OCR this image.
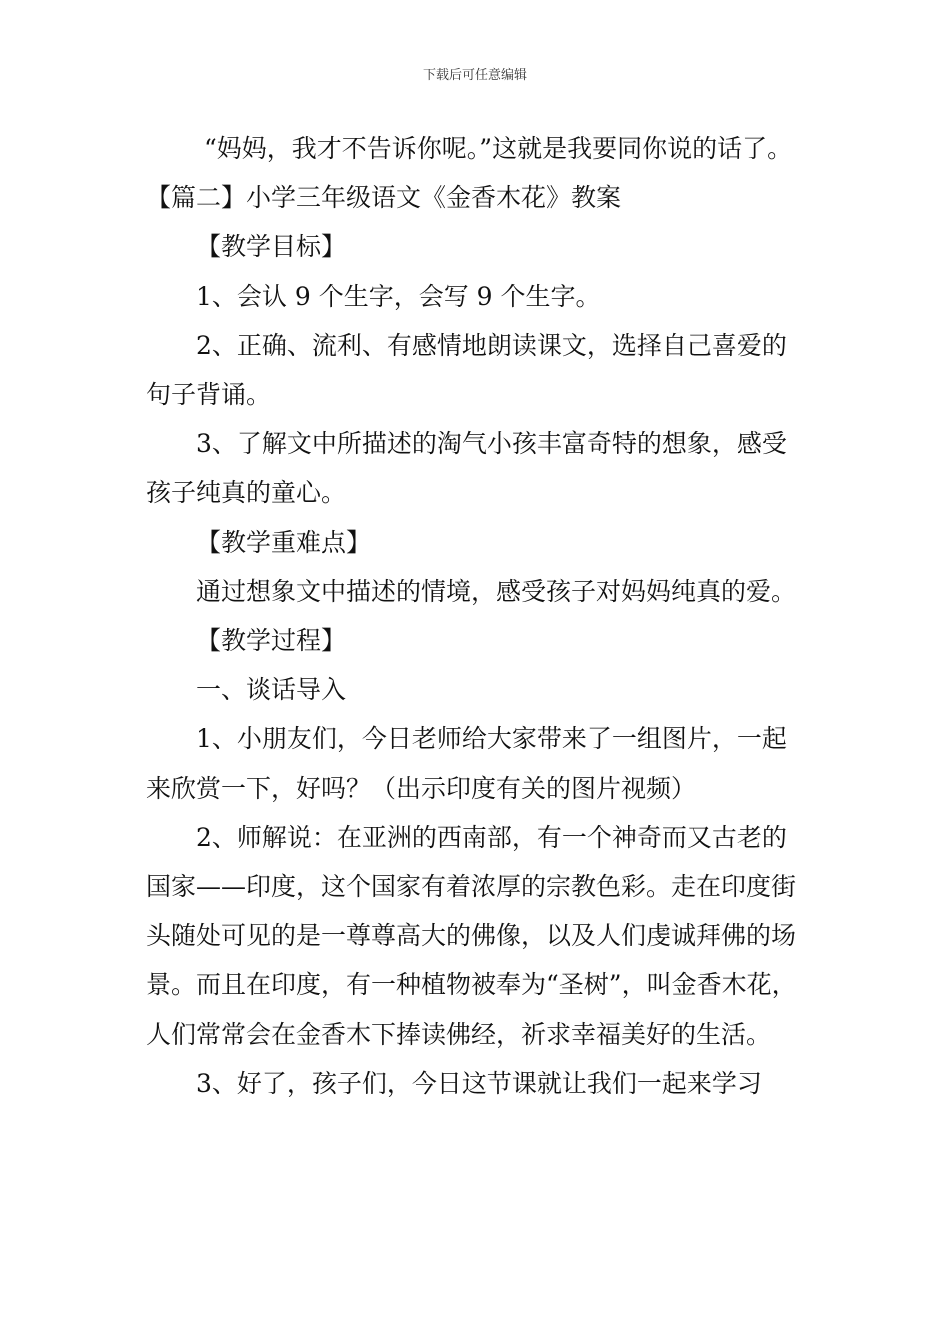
下载后可任意编辑

“妈妈，我才不告诉你呢。”这就是我要同你说的话了。

【篇二】小学三年级语文《金香木花》教案

【教学目标】

1、会认 9 个生字，会写 9 个生字。

2、正确、流利、有感情地朗读课文，选择自己喜爱的句子背诵。

3、了解文中所描述的淘气小孩丰富奇特的想象，感受孩子纯真的童心。

【教学重难点】

通过想象文中描述的情境，感受孩子对妈妈纯真的爱。

【教学过程】

一、谈话导入

1、小朋友们，今日老师给大家带来了一组图片，一起来欣赏一下，好吗？（出示印度有关的图片视频）

2、师解说：在亚洲的西南部，有一个神奇而又古老的国家——印度，这个国家有着浓厚的宗教色彩。走在印度街头随处可见的是一尊尊高大的佛像，以及人们虔诚拜佛的场景。而且在印度，有一种植物被奉为“圣树”，叫金香木花，人们常常会在金香木下捧读佛经，祈求幸福美好的生活。

3、好了，孩子们，今日这节课就让我们一起来学习
